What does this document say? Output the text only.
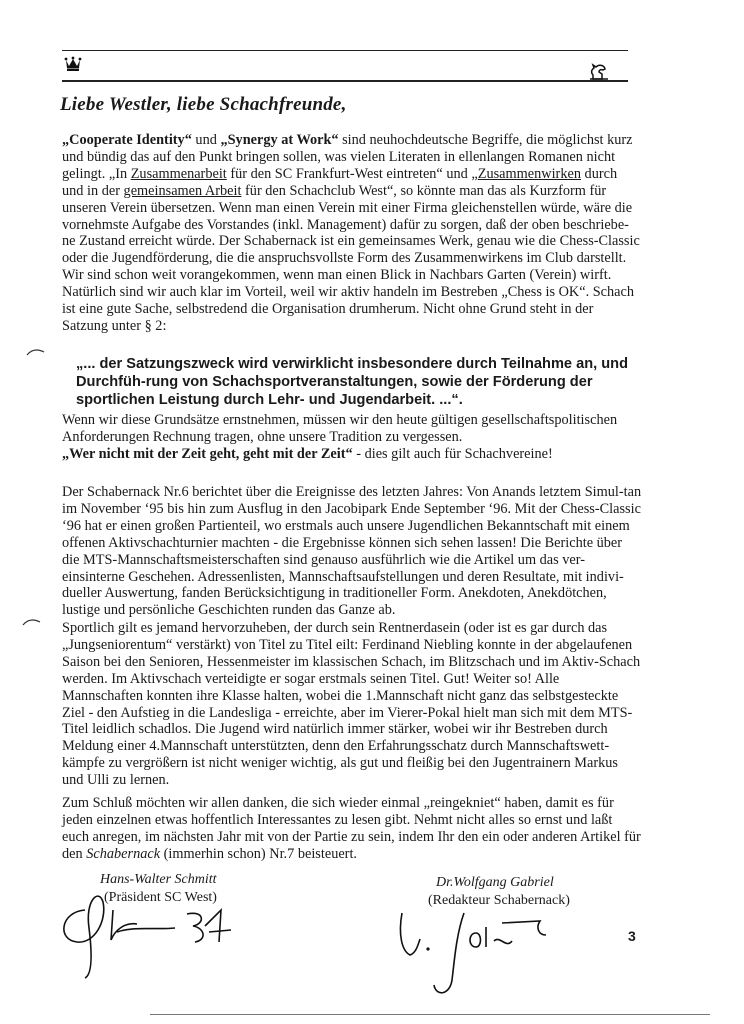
Liebe Westler, liebe Schachfreunde,

„Cooperate Identity“ und „Synergy at Work“ sind neuhochdeutsche Begriffe, die möglichst kurz und bündig das auf den Punkt bringen sollen, was vielen Literaten in ellenlangen Romanen nicht gelingt. „In Zusammenarbeit für den SC Frankfurt-West eintreten“ und „Zusammenwirken durch und in der gemeinsamen Arbeit für den Schachclub West“, so könnte man das als Kurzform für unseren Verein übersetzen. Wenn man einen Verein mit einer Firma gleichenstellen würde, wäre die vornehmste Aufgabe des Vorstandes (inkl. Management) dafür zu sorgen, daß der oben beschriebe-ne Zustand erreicht würde. Der Schabernack ist ein gemeinsames Werk, genau wie die Chess-Classic oder die Jugendförderung, die die anspruchsvollste Form des Zusammenwirkens im Club darstellt. Wir sind schon weit vorangekommen, wenn man einen Blick in Nachbars Garten (Verein) wirft. Natürlich sind wir auch klar im Vorteil, weil wir aktiv handeln im Bestreben „Chess is OK“. Schach ist eine gute Sache, selbstredend die Organisation drumherum. Nicht ohne Grund steht in der Satzung unter § 2:

„... der Satzungszweck wird verwirklicht insbesondere durch Teilnahme an, und Durchfüh-rung von Schachsportveranstaltungen, sowie der Förderung der sportlichen Leistung durch Lehr- und Jugendarbeit. ...“.

Wenn wir diese Grundsätze ernstnehmen, müssen wir den heute gültigen gesellschaftspolitischen Anforderungen Rechnung tragen, ohne unsere Tradition zu vergessen.
„Wer nicht mit der Zeit geht, geht mit der Zeit“ - dies gilt auch für Schachvereine!

Der Schabernack Nr.6 berichtet über die Ereignisse des letzten Jahres: Von Anands letztem Simul-tan im November ‘95 bis hin zum Ausflug in den Jacobipark Ende September ‘96. Mit der Chess-Classic ‘96 hat er einen großen Partienteil, wo erstmals auch unsere Jugendlichen Bekanntschaft mit einem offenen Aktivschachturnier machten - die Ergebnisse können sich sehen lassen! Die Berichte über die MTS-Mannschaftsmeisterschaften sind genauso ausführlich wie die Artikel um das ver-einsinterne Geschehen. Adressenlisten, Mannschaftsaufstellungen und deren Resultate, mit indivi-dueller Auswertung, fanden Berücksichtigung in traditioneller Form. Anekdoten, Anekdötchen, lustige und persönliche Geschichten runden das Ganze ab.

Sportlich gilt es jemand hervorzuheben, der durch sein Rentnerdasein (oder ist es gar durch das „Jungseniorentum“ verstärkt) von Titel zu Titel eilt: Ferdinand Niebling konnte in der abgelaufenen Saison bei den Senioren, Hessenmeister im klassischen Schach, im Blitzschach und im Aktiv-Schach werden. Im Aktivschach verteidigte er sogar erstmals seinen Titel. Gut! Weiter so! Alle Mannschaften konnten ihre Klasse halten, wobei die 1.Mannschaft nicht ganz das selbstgesteckte Ziel - den Aufstieg in die Landesliga - erreichte, aber im Vierer-Pokal hielt man sich mit dem MTS-Titel leidlich schadlos. Die Jugend wird natürlich immer stärker, wobei wir ihr Bestreben durch Meldung einer 4.Mannschaft unterstützten, denn den Erfahrungsschatz durch Mannschaftswett-kämpfe zu vergrößern ist nicht weniger wichtig, als gut und fleißig bei den Jugentrainern Markus und Ulli zu lernen.

Zum Schluß möchten wir allen danken, die sich wieder einmal „reingekniet“ haben, damit es für jeden einzelnen etwas hoffentlich Interessantes zu lesen gibt. Nehmt nicht alles so ernst und laßt euch anregen, im nächsten Jahr mit von der Partie zu sein, indem Ihr den ein oder anderen Artikel für den Schabernack (immerhin schon) Nr.7 beisteuert.

Hans-Walter Schmitt
(Präsident SC West)
Dr.Wolfgang Gabriel
(Redakteur Schabernack)
3
